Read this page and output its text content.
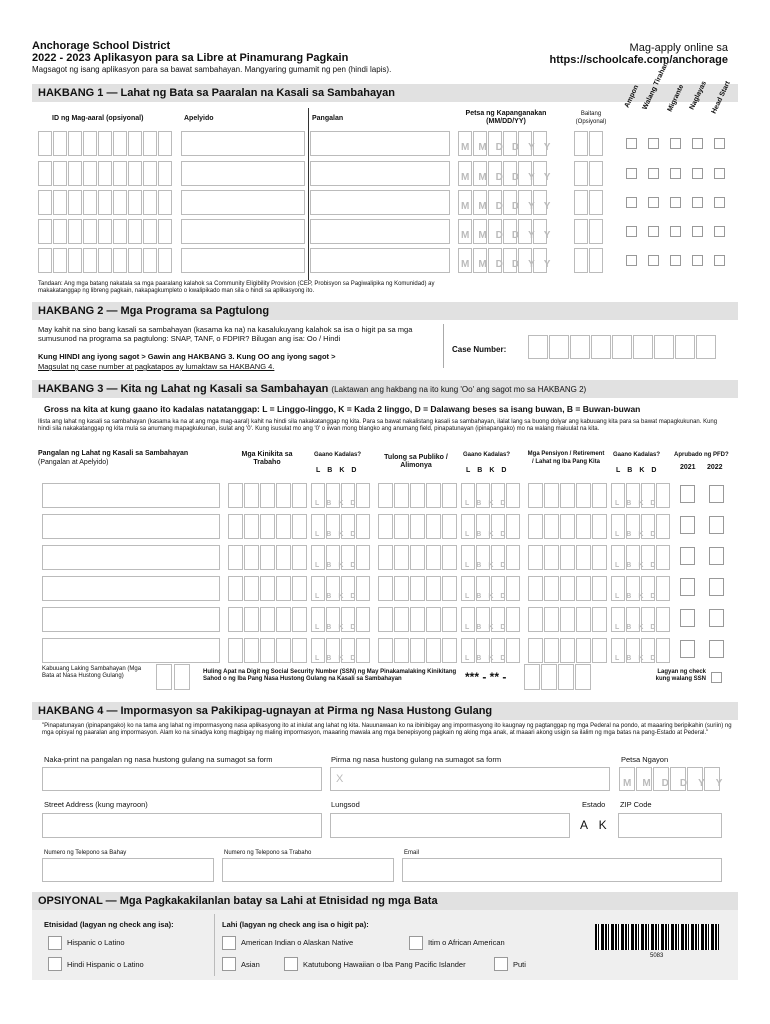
Anchorage School District
2022 - 2023 Aplikasyon para sa Libre at Pinamurang Pagkain
Magsagot ng isang aplikasyon para sa bawat sambahayan. Mangyaring gumamit ng pen (hindi lapis).
Mag-apply online sa
https://schoolcafe.com/anchorage
HAKBANG 1 — Lahat ng Bata sa Paaralan na Kasali sa Sambahayan	Ampon Walang Tirahan
Migrante Naglayas Head Start
ID ng Mag-aaral (opsiyonal)	Apelyido	Pangalan
Petsa ng Kapanganakan (MM/DD/YY)
Baitang (Opsiyonal)
MMDDYY
MMDDYY
MMDDYY
MMDDYY
MMDDYY
Tandaan: Ang mga batang nakatala sa mga paaralang kalahok sa Community Eligibility Provision (CEP, Probisyon sa Pagiwalipika ng Komunidad) ay makakatanggap ng libreng pagkain, nakapagkumpleto o kwalipikado man sila o hindi sa aplikasyong ito.
HAKBANG 2 — Mga Programa sa Pagtulong
May kahit na sino bang kasali sa sambahayan (kasama ka na) na kasalukuyang kalahok sa isa o higit pa sa mga sumusunod na programa sa pagtulong: SNAP, TANF, o FDPIR? Bilugan ang isa: Oo / Hindi
Kung HINDI ang iyong sagot > Gawin ang HAKBANG 3. Kung OO ang iyong sagot >
Magsulat ng case number at pagkatapos ay lumaktaw sa HAKBANG 4.
Case Number:
HAKBANG 3 — Kita ng Lahat ng Kasali sa Sambahayan (Laktawan ang hakbang na ito kung 'Oo' ang sagot mo sa HAKBANG 2)
Gross na kita at kung gaano ito kadalas natatanggap: L = Linggo-linggo, K = Kada 2 linggo, D = Dalawang beses sa isang buwan, B = Buwan-buwan
Ilista ang lahat ng kasali sa sambahayan (kasama ka na at ang mga mag-aaral) kahit na hindi sila nakakatanggap ng kita. Para sa bawat nakalistang kasali sa sambahayan, ilalat lang sa buong dolyar ang kabuuang kita para sa bawat mapagkukunan. Kung hindi sila nakakatanggap ng kita mula sa anumang mapagkukunan, isulat ang '0'. Kung isusulat mo ang '0' o iiwan mong blangko ang anumang field, pinapatunayan (ipinapangako) mo na walang maiuulat na kita.
Pangalan ng Lahat ng Kasali sa Sambahayan
(Pangalan at Apelyido)
Mga Kinikita sa Trabaho
Gaano Kadalas?	Tulong sa Publiko / Alimonya
Gaano Kadalas?	Mga Pensiyon / Retirement / Lahat ng Iba Pang Kita
Gaano Kadalas? Aprubado ng PFD?
2021 2022
LBKD	LBKD	LBKD
LBKD	LBKD	LBKD
LBKD	LBKD	LBKD
LBKD	LBKD	LBKD
LBKD	LBKD	LBKD
LBKD	LBKD	LBKD
LBKD	LBKD	LBKD
Kabuuang Laking Sambahayan (Mga Bata at Nasa Hustong Gulang)
Huling Apat na Digit ng Social Security Number (SSN) ng May Pinakamalaking Kinikitang Sahod o ng Iba Pang Nasa Hustong Gulang na Kasali sa Sambahayan	*** - ** -	Lagyan ng check kung walang SSN
HAKBANG 4 — Impormasyon sa Pakikipag-ugnayan at Pirma ng Nasa Hustong Gulang
"Pinapatunayan (ipinapangako) ko na tama ang lahat ng impormasyong nasa aplikasyong ito at iniulat ang lahat ng kita. Nauunawaan ko na ibinibigay ang impormasyong ito kaugnay ng pagtanggap ng mga Pederal na pondo, at maaaring beripikahin (suriin) ng mga opisyal ng paaralan ang impormasyon. Alam ko na sinadya kong magbigay ng maling impormasyon, maaaring mawala ang mga benepisyong pagkain ng aking mga anak, at maaari akong usigin sa ilalim ng mga batas na pang-Estado at Pederal."
Naka-print na pangalan ng nasa hustong gulang na sumagot sa form	Pirma ng nasa hustong gulang na sumagot sa form
X
Petsa Ngayon
MMDDYY
Street Address (kung mayroon)	Lungsod	Estado
A K
ZIP Code
Numero ng Telepono sa Bahay	Numero ng Telepono sa Trabaho	Email
OPSIYONAL — Mga Pagkakakilanlan batay sa Lahi at Etnisidad ng mga Bata
Etnisidad (lagyan ng check ang isa):
Hispanic o Latino
Hindi Hispanic o Latino
Lahi (lagyan ng check ang isa o higit pa):
American Indian o Alaskan Native	Itim o African American
Asian	Katutubong Hawaiian o Iba Pang Pacific Islander	Puti
5083
